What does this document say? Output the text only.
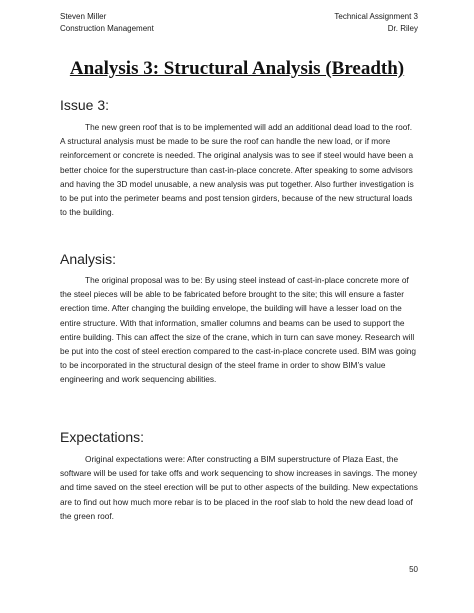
Steven Miller
Construction Management
Technical Assignment 3
Dr. Riley
Analysis 3: Structural Analysis (Breadth)
Issue 3:

The new green roof that is to be implemented will add an additional dead load to the roof. A structural analysis must be made to be sure the roof can handle the new load, or if more reinforcement or concrete is needed. The original analysis was to see if steel would have been a better choice for the superstructure than cast-in-place concrete. After speaking to some advisors and having the 3D model unusable, a new analysis was put together. Also further investigation is to be put into the perimeter beams and post tension girders, because of the new structural loads to the building.

Analysis:

The original proposal was to be: By using steel instead of cast-in-place concrete more of the steel pieces will be able to be fabricated before brought to the site; this will ensure a faster erection time. After changing the building envelope, the building will have a lesser load on the entire structure. With that information, smaller columns and beams can be used to support the entire building. This can affect the size of the crane, which in turn can save money. Research will be put into the cost of steel erection compared to the cast-in-place concrete used. BIM was going to be incorporated in the structural design of the steel frame in order to show BIM’s value engineering and work sequencing abilities.

Expectations:

Original expectations were: After constructing a BIM superstructure of Plaza East, the software will be used for take offs and work sequencing to show increases in savings. The money and time saved on the steel erection will be put to other aspects of the building. New expectations are to find out how much more rebar is to be placed in the roof slab to hold the new dead load of the green roof.

50
